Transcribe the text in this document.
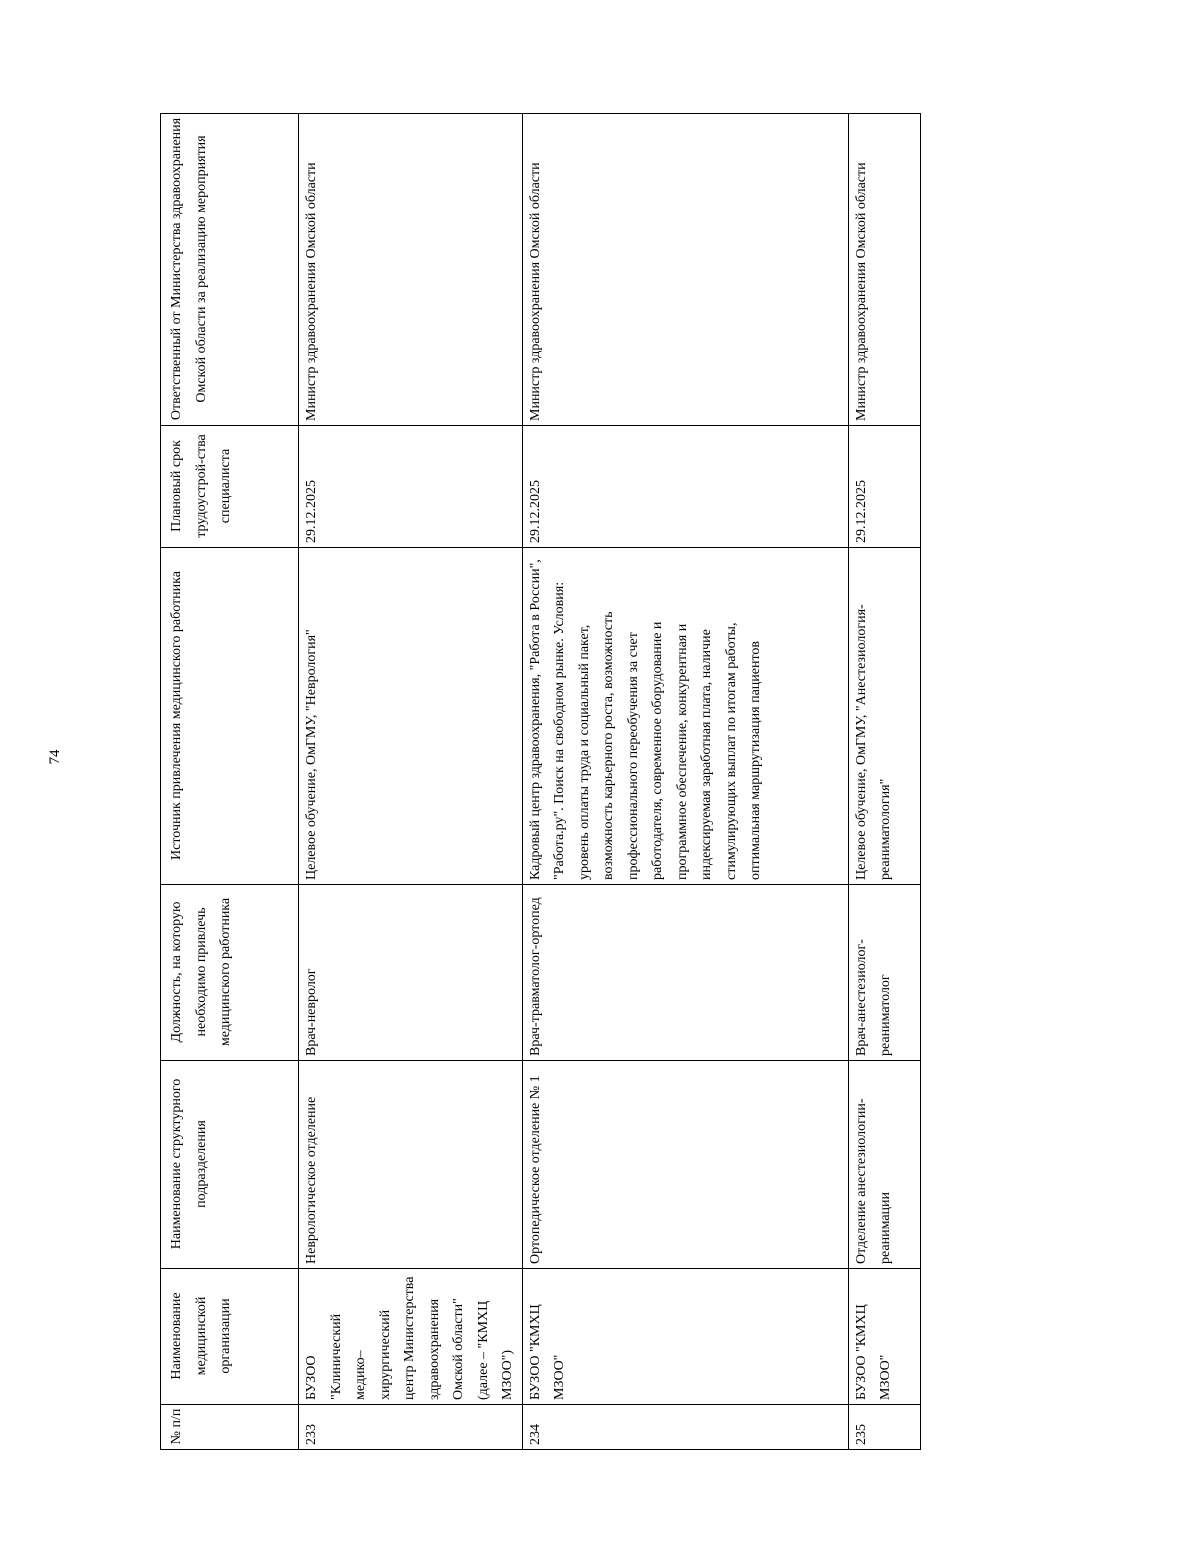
74
№ п/п	Наименование медицинской организации	Наименование структурного подразделения	Должность, на которую необходимо привлечь медицинского работника	Источник привлечения медицинского работника	Плановый срок трудоустрой-ства специалиста	Ответственный от Министерства здравоохранения Омской области за реализацию мероприятия
233	БУЗОО "Клинический медико–хирургический центр Министерства здравоохранения Омской области" (далее – "КМХЦ МЗОО")	Неврологическое отделение	Врач-невролог	Целевое обучение, ОмГМУ, "Неврология"	29.12.2025	Министр здравоохранения Омской области
234	БУЗОО "КМХЦ МЗОО"	Ортопедическое отделение № 1	Врач-травматолог-ортопед	Кадровый центр здравоохранения, "Работа в России", "Работа.ру". Поиск на свободном рынке. Условия: уровень оплаты труда и социальный пакет, возможность карьерного роста, возможность профессионального переобучения за счет работодателя, современное оборудование и программное обеспечение, конкурентная и индексируемая заработная плата, наличие стимулирующих выплат по итогам работы, оптимальная маршрутизация пациентов	29.12.2025	Министр здравоохранения Омской области
235	БУЗОО "КМХЦ МЗОО"	Отделение анестезиологии-реанимации	Врач-анестезиолог-реаниматолог	Целевое обучение, ОмГМУ, "Анестезиология-реаниматология"	29.12.2025	Министр здравоохранения Омской области
